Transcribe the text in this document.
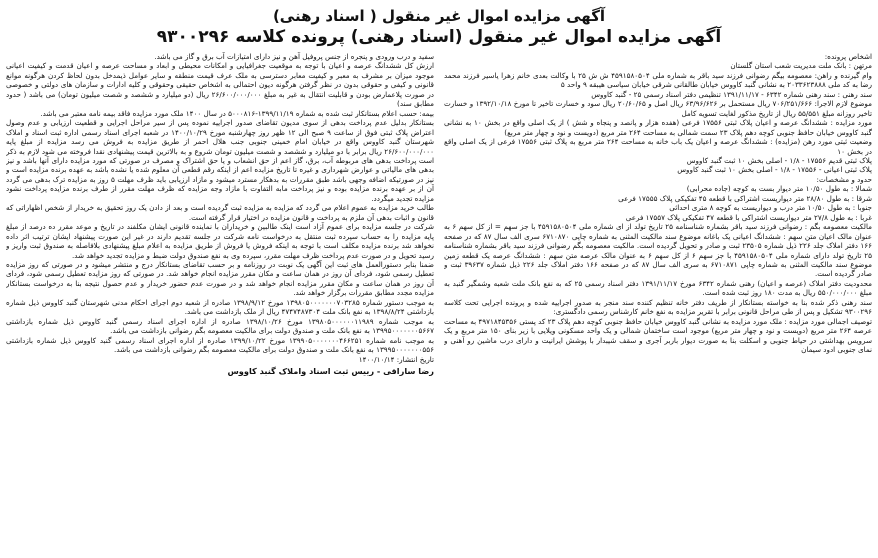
آگهی مزایده اموال غیر منقول ( اسناد رهنی)
آگهی مزایده اموال غیر منقول (اسناد رهنی) پرونده کلاسه ۹۳۰۰۲۹۶

اشخاص پرونده:

مرتهن : بانک ملت مدیریت شعب استان گلستان

وام گیرنده و راهن: معصومه بیگم رضوانی فرزند سید باقر به شماره ملی ۴۵۹۱۵۸۰۵۰۴ ش ش ۲۵ با وکالت بعدی خانم زهرا یاسیر فرزند محمد رضا به کد ملی ۲۰۳۳۶۲۳۸۸۸ به نشانی گنبد کاووس خیابان طالقانی شرقی خیابان سیاسی هیبقه ۹ واحد ۵

سند رهنی : سند رهنی شماره ۶۳۴۲ - ۱۳۹۱/۱۱/۱۷ تنظیمی دفتر اسناد رسمی ۲۵ - گنبد کاووس

موضوع لازم الاجرا: ۷۰۶/۲۵۱/۶۶۶ ریال مستحمل بر ۶۳/۹۶/۶۲۶ ریال اصل و ۲۰/۶۰/۶۵ ریال سود و خسارت تاخیر تا مورخ ۱۳۹۲/۱۰/۱۸ و خسارت تاخیر روزانه مبلغ ۵۵/۵۵۱ ریال از تاریخ مذکور لغایت تسویه کامل

مورد مزایده : ششدانگ عرصه و اعیان پلاک ثبتی ۱۷۵۵۶ فرعی (هفده هزار و پانصد و پنجاه و شش ) از یک اصلی واقع در بخش ۱۰ به نشانی گنبد کاووس خیابان حافظ جنوبی کوچه دهم پلاک ۲۳ سمت شمالی به مساحت ۲۶۴ متر مربع (دویست و نود و چهار متر مربع)

وضعیت ثبتی مورد رهن (مزایده) : ششدانگ عرصه و اعیان یک باب خانه به مساحت ۲۶۴ متر مربع به پلاک ثبتی ۱۷۵۵۶ فرعی از یک اصلی واقع در بخش ۱۰

پلاک ثبتی قدیم ۱۷۵۵۶ - ۱/۸ - اصلی بخش ۱۰ ثبت گنبد کاووس

پلاک ثبتی اعیانی - ۱۷۵۵۶ - ۱/۸ - اصلی بخش ۱۰ ثبت گنبد کاووس

حدود و مشخصات:

شمالا : به طول ۱۰/۵۰ متر دیوار بست به کوچه (جاده محرابی)

شرقا : به طول ۲۸/۸۰ متر دیواریست اشتراکی با قطعه ۴۵ تفکیکی پلاک ۱۷۵۵۵ فرعی

جنوبا : به طول ۱۰/۵۰ متر درب و دیواریست به کوچه ۸ متری احداثی

غربا : به طول ۲۷/۸ متر دیواریست اشتراکی با قطعه ۴۷ تفکیکی پلاک ۱۷۵۵۷ فرعی

مالکیت معصومه بگم : رضوانی فرزند سید باقر بشماره شناسنامه ۲۵ تاریخ تولد از ای شماره ملی ۴۵۹۱۵۸۰۵۰۴ با جز سهم = از کل سهم ۶ به عنوان مالک اعیان متن سهم : ششدانگ اعیانی یک باغانه موضوع سند مالکیت المثنی به شماره چاپی ۶۷۱۰۸۷۰ سری الف سال ۸۷ که در صفحه ۱۶۶ دفتر املاک جلد ۲۲۶ ذیل شماره ۲۳۵۰۵ ثبت و صادر و تحویل گردیده است. مالکیت معصومه بگم رضوانی فرزند سید باقر بشماره شناسنامه ۲۵ تاریخ تولد دارای شماره ملی ۴۵۹۱۵۸۰۵۰۴ با جز سهم ۶ از کل سهم ۶ به عنوان مالک عرصه متن سهم : ششدانگ عرصه یک قطعه زمین موضوع سند مالکیت المثنی به شماره چاپی ۶۷۱۰۸۷۱ به سری الف سال ۸۷ که در صفحه ۱۶۶ دفتر املاک جلد ۲۲۶ ذیل شماره ۳۹۶۳۷ ثبت و صادر گردیده است.

محدودیت دفتر املاک (عرصه و اعیان) رهنی شماره ۶۳۴۲ مورخ ۱۳۹۱/۱۱/۱۷ دفتر اسناد رسمی ۲۵ که به نفع بانک ملت شعبه وشمگیر گنبد به مبلغ ۵۵۰/۰۰۰/۰۰۰ ریال به مدت ۱۸۰ روز ثبت شده است.

سند رهنی ذکر شده بنا به خواسته بستانکار از طریف دفتر خانه تنظیم کننده سند منجر به صدور اجراییه شده و پرونده اجرایی تحت کلاسه ۹۳۰۰۲۹۶ تشکیل و پس از طی مراحل قانونی برابر با تقریر مزایده به نفع خانم کارشناس رسمی دادگستری:

توصیف اجمالی مورد مزایده : ملک مورد مزایده به نشانی گنبد کاووس خیابان حافظ جنوبی کوچه دهم پلاک ۲۳ کد پستی ۴۹۷۱۸۴۵۳۵۶ به مساحت عرصه ۲۶۴ متر مربع (دویست و نود و چهار متر مربع) موجود است ساختمان شمالی و یک واحد مسکونی ویلایی با زیر بنای ۱۵۰ متر مربع و یک سرویس بهداشتی در حیاط جنوبی و اسکلت بنا به صورت دیوار باربر آجری و سقف شیبدار با پوشش ایرانیت و دارای درب ماشین رو آهنی و نمای جنوبی ادود سیمان

سفید و درب ورودی و پنجره از جنس پروفیل آهن و نیز دارای امتیازات آب برق و گاز می باشد.

ارزش کل ششدانگ عرصه و اعیان با توجه به موقعیت جغرافیایی و امکانات محیطی و ابعاد و مساحت عرصه و اعیان قدمت و کیفیت اعیانی موجود میزان بر مشرف به معبر و کیفیت معابر دسترسی به ملک عرف قیمت منطقه و سایر عوامل ذیمدخل بدون لحاظ کردن هرگونه موانع قانونی و کیفی و حقوقی بدون در نظر گرفتن هرگونه دیون احتمالی به اشخاص حقیقی وحقوقی و کلیه ادارات و سازمان های دولتی و خصوصی در صورت پلاعمارض بودن و قابلیت انتقال به غیر به مبلغ ۲۶/۶۰۰/۰۰۰/۰۰۰ ریال (دو میلیارد و ششصد و شصت میلیون تومان) می باشد ( حدود مطابق سند)

بیمه: حسب اعلام بستانکار ثبت شده به شماره ۱۳۹۹/۱۱/۱۹-۵۰۰۰۸۱۶ در سال ۱۴۰۰ ملک مورد مزایده فاقد بیمه نامه معتبر می باشد.

بستانکار بدلیل عدم پرداخت بدهی از سوی مدیون تقاضای صدور اجراییه نموده پس از سیر مراحل اجرایی و قطعیت ارزیابی و عدم وصول اعتراض پلاک ثبتی فوق از ساعت ۹ صبح الی ۱۲ ظهر روز چهارشنبه مورخ ۱۴۰۰/۱۰/۲۹ در شعبه اجرای اسناد رسمی اداره ثبت اسناد و املاک شهرستان گنبد کاووس واقع در خیابان امام خمینی جنوبی جنب هلال احمر از طریق مزایده به فروش می رسد مزایده از مبلغ پایه ۲۶/۶۰۰/۰۰۰/۰۰۰ ریال برابر با دو میلیارد و ششصد و شصت میلیون تومان شروع و به بالاترین قیمت پیشنهادی نقدا فروخته می شود لازم به ذکر است پرداخت بدهی های مربوطه آب، برق، گاز اعم از حق انشعاب و یا حق اشتراک و مصرف در صورتی که مورد مزایده دارای آنها باشد و نیز بدهی های مالیاتی و عوارض شهرداری و غیره تا تاریخ مزایده اعم از اینکه رقم قطعی آن معلوم شده یا نشده باشد به عهده برنده مزایده است و نیز در صورتیکه اضافه وجهی باشد طبق مقررات به بدهکار مسترد میشود و مازاد ارزیابی باید ظرف مهلت ۵ روز به مزایده ترک بدهی می گردد آن از بر عهده برنده مزایده بوده و نیز پرداخت مابه التفاوت با مازاد وجه مزایده که ظرف مهلت مقرر از طرف برنده مزایده پرداخت نشود مزایده تجدید میگردد.

طالب خرید مزایده به عموم اعلام می گردد که مزایده به مزایده ثبت گردیده است و بعد از دادن یک روز تحقیق به خریدار از شخص اظهاراتی که قانون و اثبات بدهی آن ملزم به پرداخت و قانون مزایده در اختیار قرار گرفته است.

شرکت در جلسه مزایده برای عموم آزاد است اینک طالبین و خریداران با نماینده قانونی ایشان مکلفند در تاریخ و موعد مقرر ده درصد از مبلغ پایه مزایده را به حساب سپرده ثبت منتقل به درخواست نامه شرکت در جلسه تقدیم دارند در غیر این صورت پیشنهاد ایشان ترتیب اثر داده نخواهد شد برنده مزایده مکلف است با توجه به اینکه فروش یا فروش از طریق مزایده به اعلام مبلغ پیشنهادی بلافاصله به صندوق ثبت واریز و رسید تحویل و در صورت عدم پرداخت ظرف مهلت مقرر، سپرده وی به نفع صندوق دولت ضبط و مزایده تجدید خواهد شد.

ضمنا بنابر دستورالعمل های ثبت این آگهی یک نوبت در روزنامه و بر حسب تقاضای بستانکار درج و منتشر میشود و در صورتی که روز مزایده تعطیل رسمی شود، فردای آن روز در همان ساعت و مکان مقرر مزایده انجام خواهد شد. در صورتی که روز مزایده تعطیل رسمی شود، فردای آن روز در همان ساعت و مکان مقرر مزایده انجام خواهد شد و در صورت عدم حضور خریدار و عدم حصول نتیجه بنا به درخواست بستانکار مزایده مجدد مطابق مقررات برگزار خواهد شد.

به موجب دستور شماره ۱۳۹۸۰۵۰۰۰۰۰۰۰۷۰۳۲۸۵ مورخ ۱۳۹۸/۹/۱۲ صادره از شعبه دوم اجرای احکام مدنی شهرستان گنبد کاووس ذیل شماره بازداشتی ۱۳۹۸/۸/۲۴ به نفع بانک ملت ۴۷۴۷۴۸۷۳۰۴ ریال از ملک بازداشت می باشد.

به موجب شماره ۱۳۹۸۰۵۰۰۰۰۰۰۱۱۹۸۹ مورخ ۱۳۹۸/۱۰/۲۶ صادره از اداره اجرای اسناد رسمی گنبد کاووس ذیل شماره بازداشتی ۱۳۹۹۵۰۰۰۰۰۰۰۵۶۶۷ به نفع بانک ملت و صندوق دولت برای مالکیت معصومه بگم رضوانی بازداشت می باشد.

به موجب نامه شماره ۱۳۹۹۰۵۰۰۰۰۰۰۰۴۶۶۲۵۱ مورخ ۱۳۹۹/۱۰/۲۲ صادره از اداره اجرای اسناد رسمی گنبد کاووس ذیل شماره بازداشتی ۱۳۹۹۵۰۰۰۰۰۰۰۵۵۶ به نفع بانک ملت و صندوق دولت برای مالکیت معصومه بگم رضوانی بازداشت می باشد.

تاریخ انتشار: ۱۴۰۰/۱۰/۱۴

رضا ساراقی - رییس ثبت اسناد واملاک گنبد کاووس
